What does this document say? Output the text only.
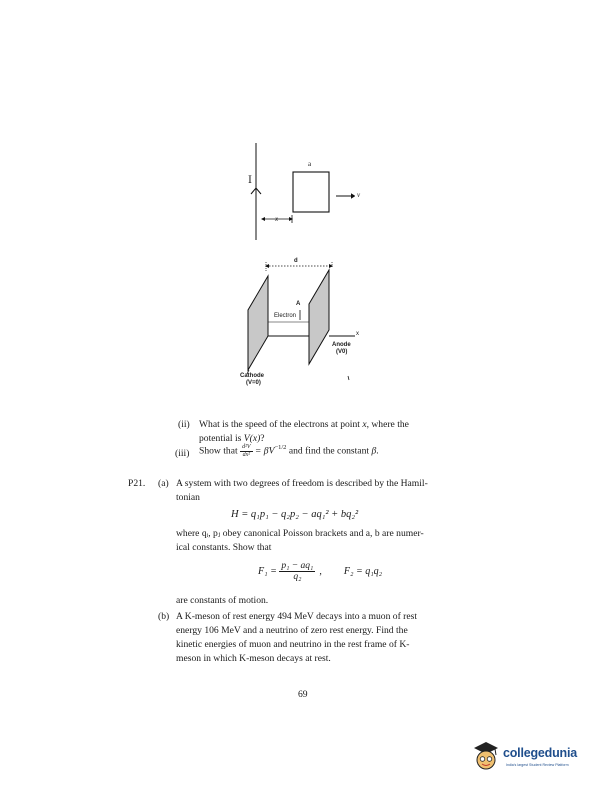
I
a
v
x
d
A
Electron
x
Anode
(V0)
Cathode
(V=0)
(ii) What is the speed of the electrons at point x, where the
potential is V(x)?
(iii) Show that $\frac{\text{d²V}}{\text{dx²}} = \beta V^{-1/2}$ and find the constant β.
P21. (a) A system with two degrees of freedom is described by the Hamil-
tonian
H = q₁p₁ − q₂p₂ − aq₁² + bq₂²
where qᵢ, pⱼ obey canonical Poisson brackets and a, b are numer-
ical constants. Show that
$F_1 = \frac{\text{p₁ − aq₁}}{\text{q₂}}$ , F₂ = q₁q₂
are constants of motion.
(b) A K-meson of rest energy 494 MeV decays into a muon of rest
energy 106 MeV and a neutrino of zero rest energy. Find the
kinetic energies of muon and neutrino in the rest frame of K-
meson in which K-meson decays at rest.
69
collegedunia
India's largest Student Review Platform
